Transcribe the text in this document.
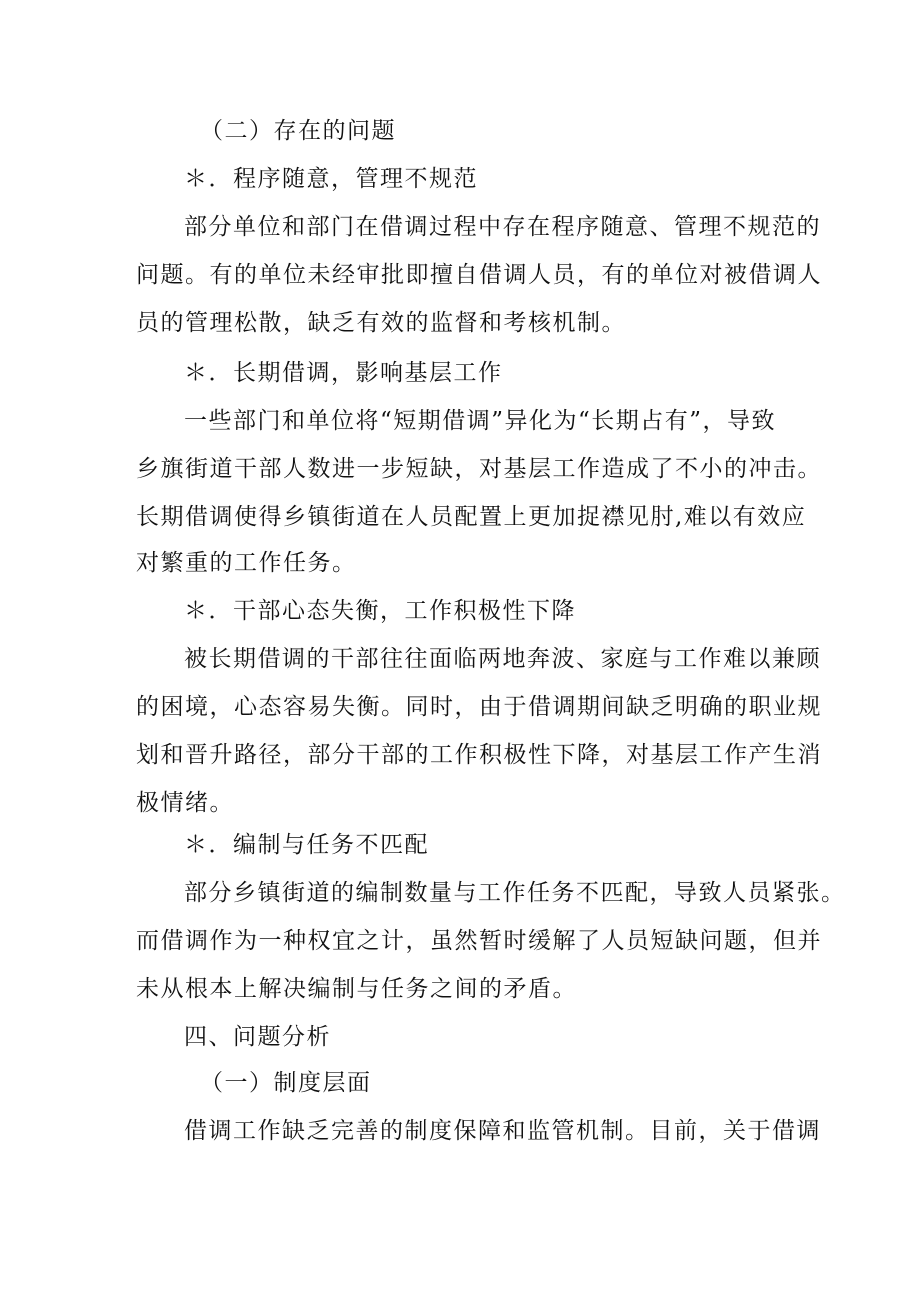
（二）存在的问题
＊．程序随意，管理不规范
部分单位和部门在借调过程中存在程序随意、管理不规范的
问题。有的单位未经审批即擅自借调人员，有的单位对被借调人
员的管理松散，缺乏有效的监督和考核机制。
＊．长期借调，影响基层工作
一些部门和单位将“短期借调”异化为“长期占有”，导致
乡旗街道干部人数进一步短缺，对基层工作造成了不小的冲击。
长期借调使得乡镇街道在人员配置上更加捉襟见肘,难以有效应
对繁重的工作任务。
＊．干部心态失衡，工作积极性下降
被长期借调的干部往往面临两地奔波、家庭与工作难以兼顾
的困境，心态容易失衡。同时，由于借调期间缺乏明确的职业规
划和晋升路径，部分干部的工作积极性下降，对基层工作产生消
极情绪。
＊．编制与任务不匹配
部分乡镇街道的编制数量与工作任务不匹配，导致人员紧张。
而借调作为一种权宜之计，虽然暂时缓解了人员短缺问题，但并
未从根本上解决编制与任务之间的矛盾。
四、问题分析
（一）制度层面
借调工作缺乏完善的制度保障和监管机制。目前，关于借调
